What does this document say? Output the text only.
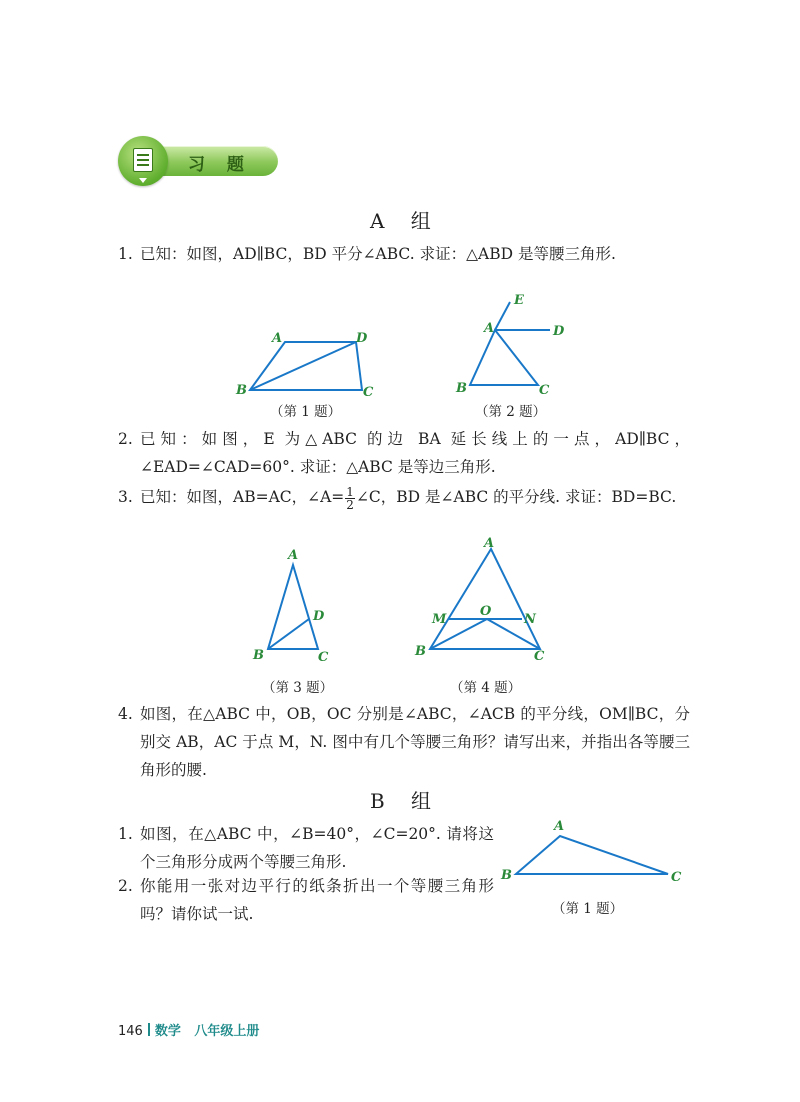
习 题
A 组
1. 已知：如图，AD∥BC，BD 平分∠ABC. 求证：△ABD 是等腰三角形.
A	D
B	C
（第 1 题）
E
A	D
B	C
（第 2 题）
2. 已知：如图，E 为△ABC 的边 BA 延长线上的一点，AD∥BC，∠EAD=∠CAD=60°. 求证：△ABC 是等边三角形.
3. 已知：如图，AB=AC，∠A= $\frac{1}{2}$ ∠C，BD 是∠ABC 的平分线. 求证：BD=BC.
A
D
B	C
（第 3 题）
A
M
O
N
B	C
（第 4 题）
4. 如图，在△ABC 中，OB，OC 分别是∠ABC，∠ACB 的平分线，OM∥BC，分别交 AB，AC 于点 M，N. 图中有几个等腰三角形？请写出来，并指出各等腰三角形的腰.
B 组
1. 如图，在△ABC 中，∠B=40°，∠C=20°. 请将这个三角形分成两个等腰三角形.
2. 你能用一张对边平行的纸条折出一个等腰三角形吗？请你试一试.
A
B	C
（第 1 题）
146 数学 八年级上册
